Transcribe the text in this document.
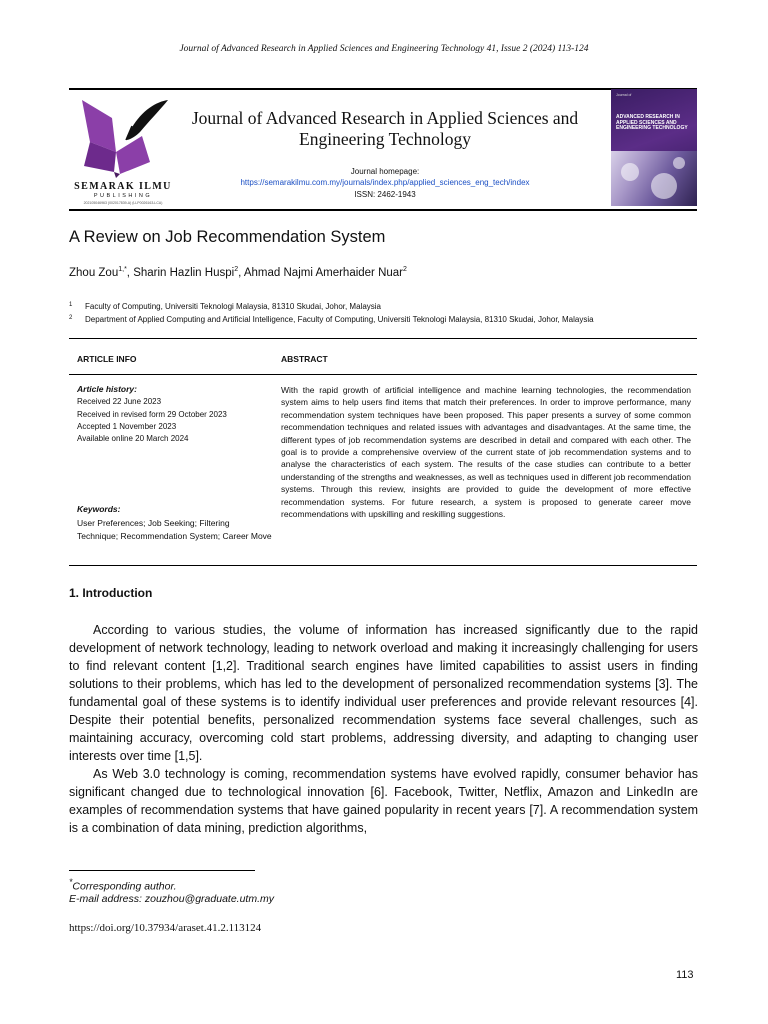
Journal of Advanced Research in Applied Sciences and Engineering Technology 41, Issue 2 (2024) 113-124
SEMARAK ILMU
PUBLISHING
202105046963 (002017839-A) (LLP0026163-LCA)
Journal of Advanced Research in Applied Sciences and Engineering Technology
Journal homepage:
https://semarakilmu.com.my/journals/index.php/applied_sciences_eng_tech/index
ISSN: 2462-1943
Journal of
ADVANCED RESEARCH IN APPLIED SCIENCES AND ENGINEERING TECHNOLOGY
A Review on Job Recommendation System
Zhou Zou$^{1,*}$, Sharin Hazlin Huspi$^2$, Ahmad Najmi Amerhaider Nuar$^2$
1 Faculty of Computing, Universiti Teknologi Malaysia, 81310 Skudai, Johor, Malaysia
2 Department of Applied Computing and Artificial Intelligence, Faculty of Computing, Universiti Teknologi Malaysia, 81310 Skudai, Johor, Malaysia
ARTICLE INFO	ABSTRACT
Article history:
Received 22 June 2023
Received in revised form 29 October 2023
Accepted 1 November 2023
Available online 20 March 2024
Keywords:
User Preferences; Job Seeking; Filtering Technique; Recommendation System; Career Move
With the rapid growth of artificial intelligence and machine learning technologies, the recommendation system aims to help users find items that match their preferences. In order to improve performance, many recommendation system techniques have been proposed. This paper presents a survey of some common recommendation techniques and related issues with advantages and disadvantages. At the same time, the different types of job recommendation systems are described in detail and compared with each other. The goal is to provide a comprehensive overview of the current state of job recommendation systems and to analyse the characteristics of each system. The results of the case studies can contribute to a better understanding of the strengths and weaknesses, as well as techniques used in different job recommendation systems. Through this review, insights are provided to guide the development of more effective recommendation systems. For future research, a system is proposed to generate career move recommendations with upskilling and reskilling suggestions.
1. Introduction

According to various studies, the volume of information has increased significantly due to the rapid development of network technology, leading to network overload and making it increasingly challenging for users to find relevant content [1,2]. Traditional search engines have limited capabilities to assist users in finding solutions to their problems, which has led to the development of personalized recommendation systems [3]. The fundamental goal of these systems is to identify individual user preferences and provide relevant resources [4]. Despite their potential benefits, personalized recommendation systems face several challenges, such as maintaining accuracy, overcoming cold start problems, addressing diversity, and adapting to changing user interests over time [1,5].

As Web 3.0 technology is coming, recommendation systems have evolved rapidly, consumer behavior has significant changed due to technological innovation [6]. Facebook, Twitter, Netflix, Amazon and LinkedIn are examples of recommendation systems that have gained popularity in recent years [7]. A recommendation system is a combination of data mining, prediction algorithms,

*Corresponding author.
E-mail address: zouzhou@graduate.utm.my
https://doi.org/10.37934/araset.41.2.113124
113
